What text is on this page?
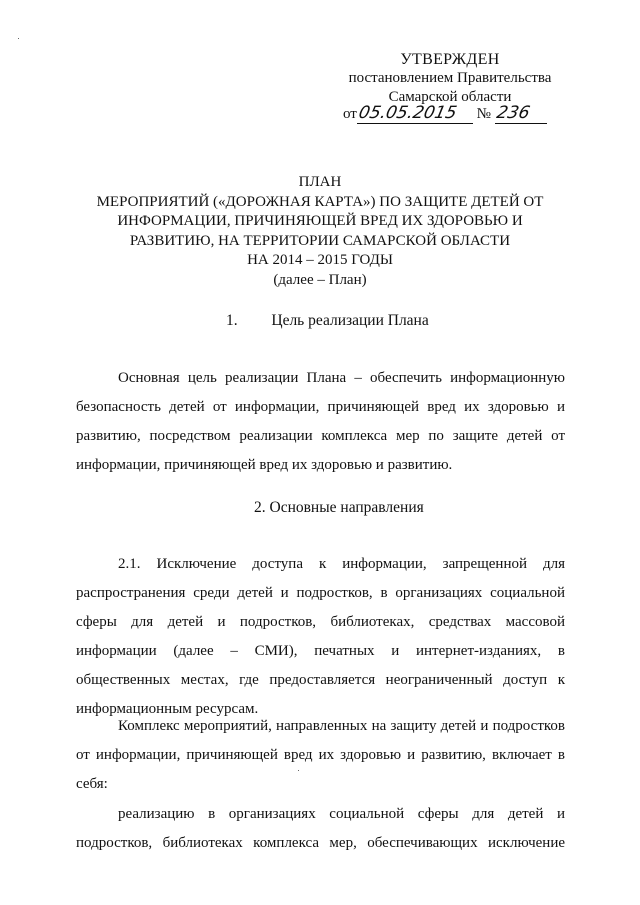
УТВЕРЖДЕН
постановлением Правительства
Самарской области
от05.05.2015 № 236
ПЛАН
МЕРОПРИЯТИЙ («ДОРОЖНАЯ КАРТА») ПО ЗАЩИТЕ ДЕТЕЙ ОТ
ИНФОРМАЦИИ, ПРИЧИНЯЮЩЕЙ ВРЕД ИХ ЗДОРОВЬЮ И
РАЗВИТИЮ, НА ТЕРРИТОРИИ САМАРСКОЙ ОБЛАСТИ
НА 2014 – 2015 ГОДЫ
(далее – План)
1. Цель реализации Плана
Основная цель реализации Плана – обеспечить информационную
безопасность детей от информации, причиняющей вред их здоровью и
развитию, посредством реализации комплекса мер по защите детей от
информации, причиняющей вред их здоровью и развитию.
2. Основные направления
2.1. Исключение доступа к информации, запрещенной для
распространения среди детей и подростков, в организациях социальной
сферы для детей и подростков, библиотеках, средствах массовой
информации (далее – СМИ), печатных и интернет-изданиях, в
общественных местах, где предоставляется неограниченный доступ к
информационным ресурсам.
Комплекс мероприятий, направленных на защиту детей и подростков
от информации, причиняющей вред их здоровью и развитию, включает в
себя:
реализацию в организациях социальной сферы для детей и
подростков, библиотеках комплекса мер, обеспечивающих исключение
